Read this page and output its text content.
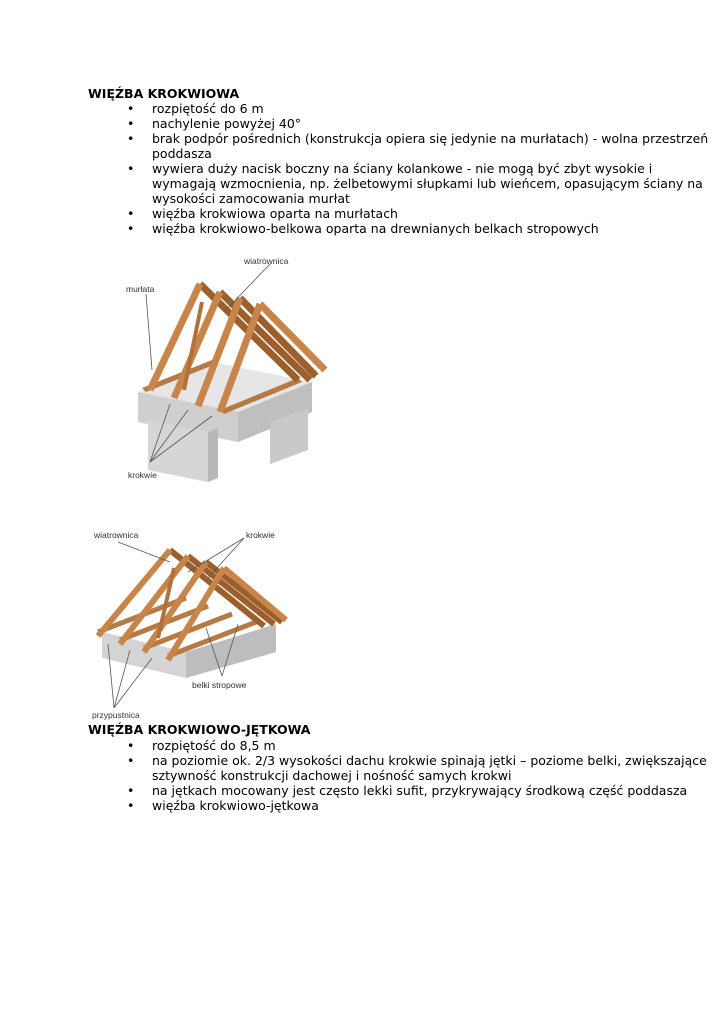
WIĘŹBA KROKWIOWA
• rozpiętość do 6 m
• nachylenie powyżej 40°
• brak podpór pośrednich (konstrukcja opiera się jedynie na murłatach) - wolna przestrzeń poddasza
• wywiera duży nacisk boczny na ściany kolankowe - nie mogą być zbyt wysokie i wymagają wzmocnienia, np. żelbetowymi słupkami lub wieńcem, opasującym ściany na wysokości zamocowania murłat
• więźba krokwiowa oparta na murłatach
• więźba krokwiowo-belkowa oparta na drewnianych belkach stropowych
wiatrownica
murłata
krokwie
wiatrownica	krokwie
belki stropowe
przypustnica
WIĘŹBA KROKWIOWO-JĘTKOWA
• rozpiętość do 8,5 m
• na poziomie ok. 2/3 wysokości dachu krokwie spinają jętki – poziome belki, zwiększające sztywność konstrukcji dachowej i nośność samych krokwi
• na jętkach mocowany jest często lekki sufit, przykrywający środkową część poddasza
• więźba krokwiowo-jętkowa
